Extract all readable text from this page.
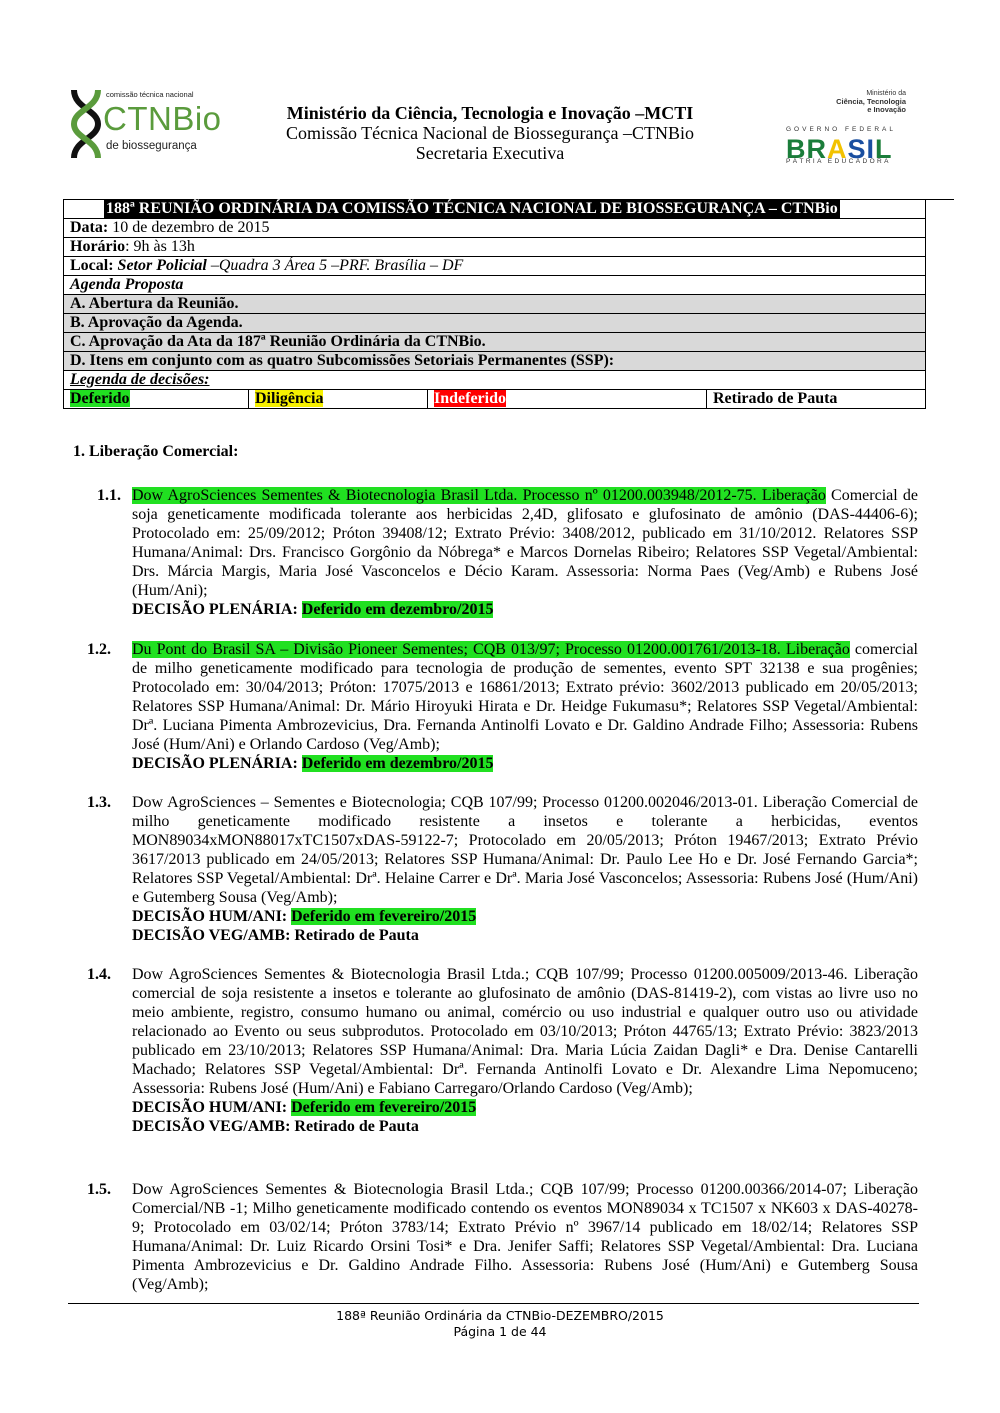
comissão técnica nacional
CTNBio
de biossegurança
Ministério da Ciência, Tecnologia e Inovação –MCTI
Comissão Técnica Nacional de Biossegurança –CTNBio
Secretaria Executiva
Ministério da
Ciência, Tecnologia
e Inovação
GOVERNO FEDERAL
BRASIL
PÁTRIA EDUCADORA
188ª REUNIÃO ORDINÁRIA DA COMISSÃO TÉCNICA NACIONAL DE BIOSSEGURANÇA – CTNBio
Data: 10 de dezembro de 2015
Horário: 9h às 13h
Local: Setor Policial –Quadra 3 Área 5 –PRF. Brasília – DF
Agenda Proposta
A. Abertura da Reunião.
B. Aprovação da Agenda.
C. Aprovação da Ata da 187ª Reunião Ordinária da CTNBio.
D. Itens em conjunto com as quatro Subcomissões Setoriais Permanentes (SSP):
Legenda de decisões:
Deferido	Diligência	Indeferido	Retirado de Pauta
1. Liberação Comercial:
1.1. Dow AgroSciences Sementes & Biotecnologia Brasil Ltda. Processo nº 01200.003948/2012-75. Liberação Comercial de soja geneticamente modificada tolerante aos herbicidas 2,4D, glifosato e glufosinato de amônio (DAS-44406-6); Protocolado em: 25/09/2012; Próton 39408/12; Extrato Prévio: 3408/2012, publicado em 31/10/2012. Relatores SSP Humana/Animal: Drs. Francisco Gorgônio da Nóbrega* e Marcos Dornelas Ribeiro; Relatores SSP Vegetal/Ambiental: Drs. Márcia Margis, Maria José Vasconcelos e Décio Karam. Assessoria: Norma Paes (Veg/Amb) e Rubens José (Hum/Ani);
DECISÃO PLENÁRIA: Deferido em dezembro/2015
1.2. Du Pont do Brasil SA – Divisão Pioneer Sementes; CQB 013/97; Processo 01200.001761/2013-18. Liberação comercial de milho geneticamente modificado para tecnologia de produção de sementes, evento SPT 32138 e sua progênies; Protocolado em: 30/04/2013; Próton: 17075/2013 e 16861/2013; Extrato prévio: 3602/2013 publicado em 20/05/2013; Relatores SSP Humana/Animal: Dr. Mário Hiroyuki Hirata e Dr. Heidge Fukumasu*; Relatores SSP Vegetal/Ambiental: Drª. Luciana Pimenta Ambrozevicius, Dra. Fernanda Antinolfi Lovato e Dr. Galdino Andrade Filho; Assessoria: Rubens José (Hum/Ani) e Orlando Cardoso (Veg/Amb);
DECISÃO PLENÁRIA: Deferido em dezembro/2015
1.3. Dow AgroSciences – Sementes e Biotecnologia; CQB 107/99; Processo 01200.002046/2013-01. Liberação Comercial de milho geneticamente modificado resistente a insetos e tolerante a herbicidas, eventos MON89034xMON88017xTC1507xDAS-59122-7; Protocolado em 20/05/2013; Próton 19467/2013; Extrato Prévio 3617/2013 publicado em 24/05/2013; Relatores SSP Humana/Animal: Dr. Paulo Lee Ho e Dr. José Fernando Garcia*; Relatores SSP Vegetal/Ambiental: Drª. Helaine Carrer e Drª. Maria José Vasconcelos; Assessoria: Rubens José (Hum/Ani) e Gutemberg Sousa (Veg/Amb);
DECISÃO HUM/ANI: Deferido em fevereiro/2015
DECISÃO VEG/AMB: Retirado de Pauta
1.4. Dow AgroSciences Sementes & Biotecnologia Brasil Ltda.; CQB 107/99; Processo 01200.005009/2013-46. Liberação comercial de soja resistente a insetos e tolerante ao glufosinato de amônio (DAS-81419-2), com vistas ao livre uso no meio ambiente, registro, consumo humano ou animal, comércio ou uso industrial e qualquer outro uso ou atividade relacionado ao Evento ou seus subprodutos. Protocolado em 03/10/2013; Próton 44765/13; Extrato Prévio: 3823/2013 publicado em 23/10/2013; Relatores SSP Humana/Animal: Dra. Maria Lúcia Zaidan Dagli* e Dra. Denise Cantarelli Machado; Relatores SSP Vegetal/Ambiental: Drª. Fernanda Antinolfi Lovato e Dr. Alexandre Lima Nepomuceno; Assessoria: Rubens José (Hum/Ani) e Fabiano Carregaro/Orlando Cardoso (Veg/Amb);
DECISÃO HUM/ANI: Deferido em fevereiro/2015
DECISÃO VEG/AMB: Retirado de Pauta
1.5. Dow AgroSciences Sementes & Biotecnologia Brasil Ltda.; CQB 107/99; Processo 01200.00366/2014-07; Liberação Comercial/NB -1; Milho geneticamente modificado contendo os eventos MON89034 x TC1507 x NK603 x DAS-40278-9; Protocolado em 03/02/14; Próton 3783/14; Extrato Prévio nº 3967/14 publicado em 18/02/14; Relatores SSP Humana/Animal: Dr. Luiz Ricardo Orsini Tosi* e Dra. Jenifer Saffi; Relatores SSP Vegetal/Ambiental: Dra. Luciana Pimenta Ambrozevicius e Dr. Galdino Andrade Filho. Assessoria: Rubens José (Hum/Ani) e Gutemberg Sousa (Veg/Amb);
188ª Reunião Ordinária da CTNBio-DEZEMBRO/2015
Página 1 de 44
